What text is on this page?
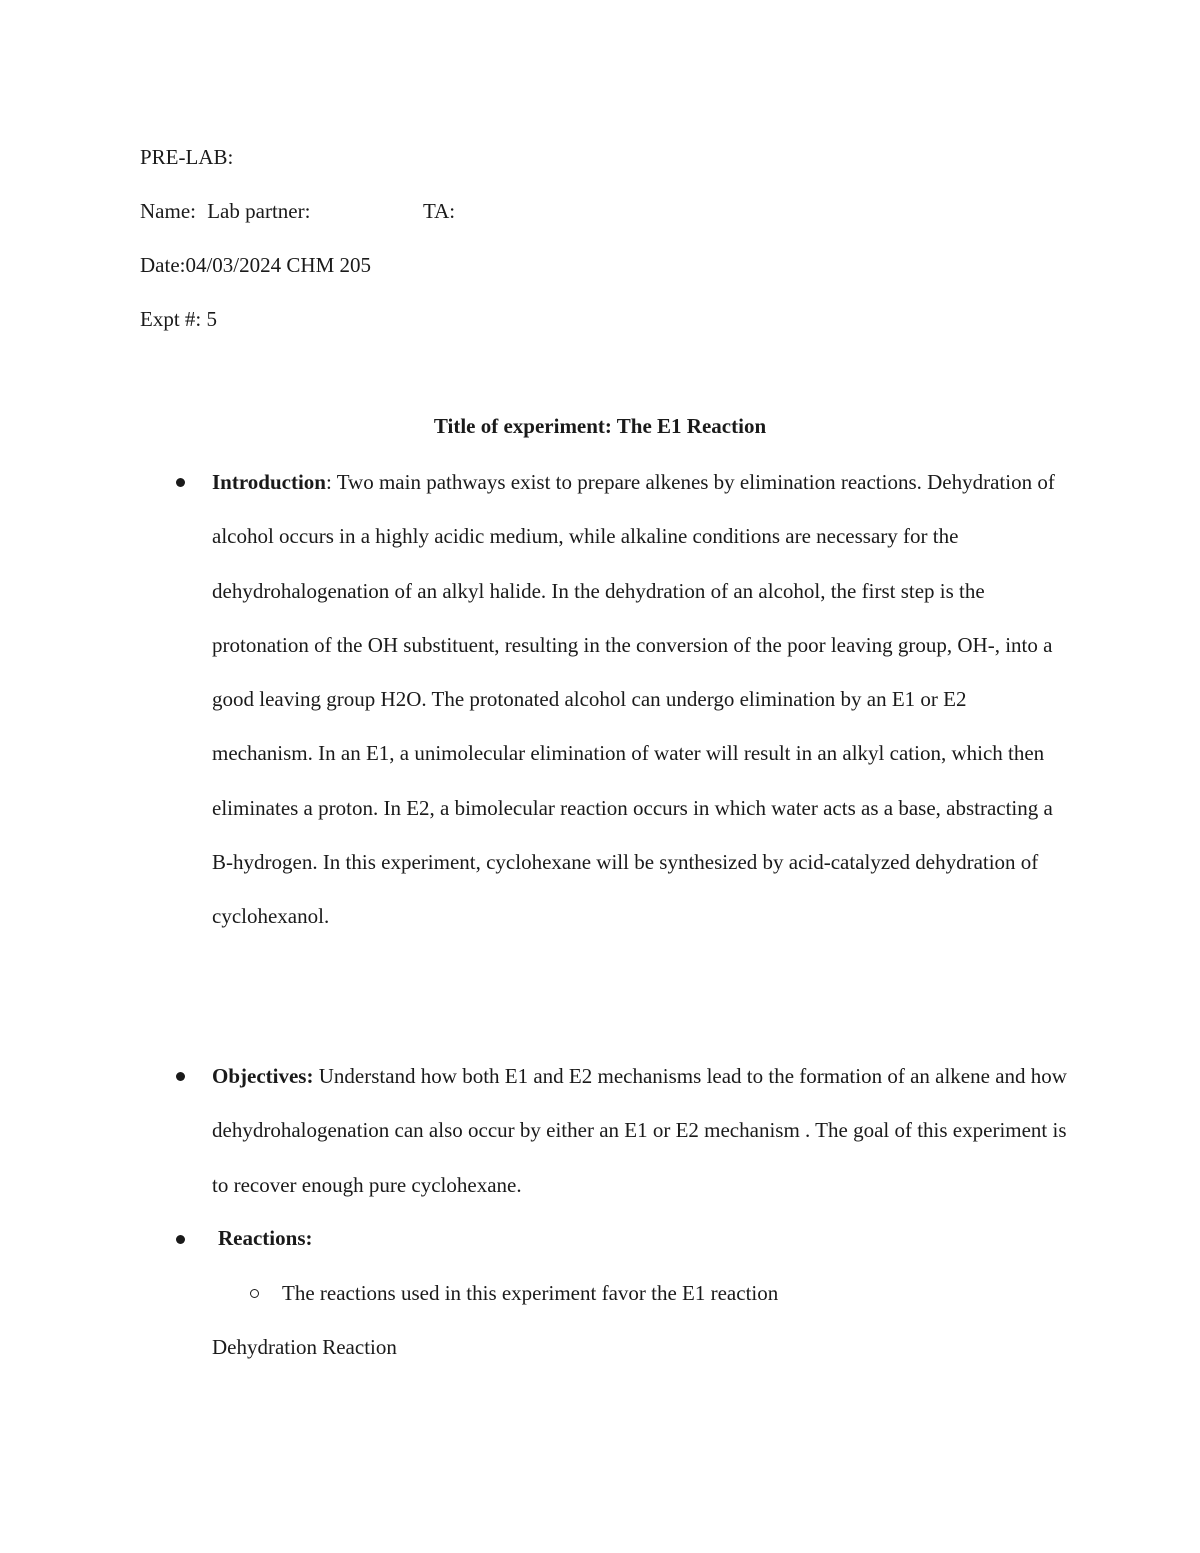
PRE-LAB:
Name: Lab partner:	TA:
Date:04/03/2024 CHM 205
Expt #: 5
Title of experiment: The E1 Reaction
Introduction: Two main pathways exist to prepare alkenes by elimination reactions. Dehydration of alcohol occurs in a highly acidic medium, while alkaline conditions are necessary for the dehydrohalogenation of an alkyl halide. In the dehydration of an alcohol, the first step is the protonation of the OH substituent, resulting in the conversion of the poor leaving group, OH-, into a good leaving group H2O. The protonated alcohol can undergo elimination by an E1 or E2 mechanism. In an E1, a unimolecular elimination of water will result in an alkyl cation, which then eliminates a proton. In E2, a bimolecular reaction occurs in which water acts as a base, abstracting a B-hydrogen. In this experiment, cyclohexane will be synthesized by acid-catalyzed dehydration of cyclohexanol.
Objectives: Understand how both E1 and E2 mechanisms lead to the formation of an alkene and how dehydrohalogenation can also occur by either an E1 or E2 mechanism . The goal of this experiment is to recover enough pure cyclohexane.
Reactions:
The reactions used in this experiment favor the E1 reaction
Dehydration Reaction
